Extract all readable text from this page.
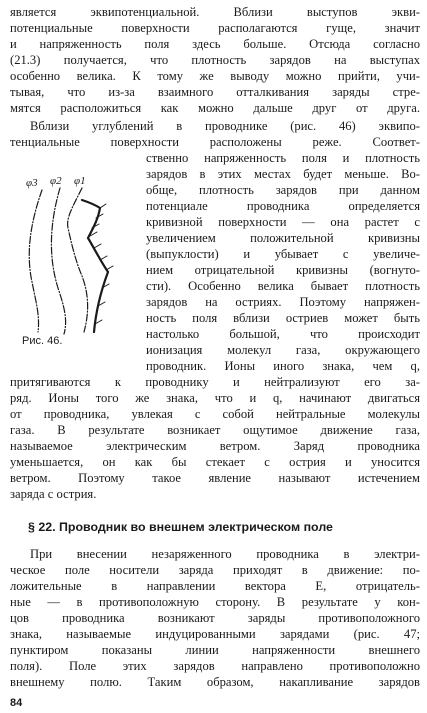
является эквипотенциальной. Вблизи выступов экви-
потенциальные поверхности располагаются гуще, значит
и напряженность поля здесь больше. Отсюда согласно
(21.3) получается, что плотность зарядов на выступах
особенно велика. К тому же выводу можно прийти, учи-
тывая, что из-за взаимного отталкивания заряды стре-
мятся расположиться как можно дальше друг от друга.
Вблизи углублений в проводнике (рис. 46) эквипо-
тенциальные поверхности расположены реже. Соответ-
ственно напряженность поля и плотность
зарядов в этих местах будет меньше. Во-
обще, плотность зарядов при данном
потенциале проводника определяется
кривизной поверхности — она растет с
увеличением положительной кривизны
(выпуклости) и убывает с увеличе-
нием отрицательной кривизны (вогнуто-
сти). Особенно велика бывает плотность
зарядов на остриях. Поэтому напряжен-
ность поля вблизи остриев может быть
настолько большой, что происходит
ионизация молекул газа, окружающего
проводник. Ионы иного знака, чем q,
φ3 φ2 φ1
Рис. 46.
притягиваются к проводнику и нейтрализуют его за-
ряд. Ионы того же знака, что и q, начинают двигаться
от проводника, увлекая с собой нейтральные молекулы
газа. В результате возникает ощутимое движение газа,
называемое электрическим ветром. Заряд проводника
уменьшается, он как бы стекает с острия и уносится
ветром. Поэтому такое явление называют истечением
заряда с острия.
§ 22. Проводник во внешнем электрическом поле
При внесении незаряженного проводника в электри-
ческое поле носители заряда приходят в движение: по-
ложительные в направлении вектора E, отрицатель-
ные — в противоположную сторону. В результате у кон-
цов проводника возникают заряды противоположного
знака, называемые индуцированными зарядами (рис. 47;
пунктиром показаны линии напряженности внешнего
поля). Поле этих зарядов направлено противоположно
внешнему полю. Таким образом, накапливание зарядов
84
